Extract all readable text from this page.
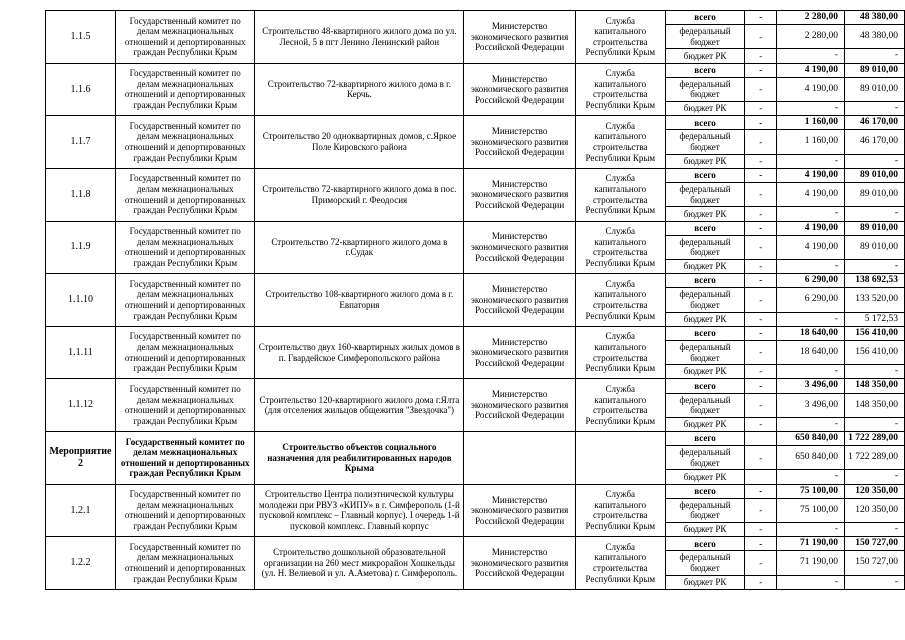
1.1.5	Государственный комитет по делам межнациональных отношений и депортированных граждан Республики Крым	Строительство 48-квартирного жилого дома по ул. Лесной, 5 в пгт Ленино Ленинский район	Министерство экономического развития Российской Федерации	Служба капитального строительства Республики Крым	всего	-	2 280,00	48 380,00
					федеральный бюджет	-	2 280,00	48 380,00
					бюджет РК	-	-	-
1.1.6	Государственный комитет по делам межнациональных отношений и депортированных граждан Республики Крым	Строительство 72-квартирного жилого дома в г. Керчь.	Министерство экономического развития Российской Федерации	Служба капитального строительства Республики Крым	всего	-	4 190,00	89 010,00
					федеральный бюджет	-	4 190,00	89 010,00
					бюджет РК	-	-	-
1.1.7	Государственный комитет по делам межнациональных отношений и депортированных граждан Республики Крым	Строительство 20 одноквартирных домов, с.Яркое Поле Кировского района	Министерство экономического развития Российской Федерации	Служба капитального строительства Республики Крым	всего	-	1 160,00	46 170,00
					федеральный бюджет	-	1 160,00	46 170,00
					бюджет РК	-	-	-
1.1.8	Государственный комитет по делам межнациональных отношений и депортированных граждан Республики Крым	Строительство 72-квартирного жилого дома в пос. Приморский г. Феодосия	Министерство экономического развития Российской Федерации	Служба капитального строительства Республики Крым	всего	-	4 190,00	89 010,00
					федеральный бюджет	-	4 190,00	89 010,00
					бюджет РК	-	-	-
1.1.9	Государственный комитет по делам межнациональных отношений и депортированных граждан Республики Крым	Строительство 72-квартирного жилого дома в г.Судак	Министерство экономического развития Российской Федерации	Служба капитального строительства Республики Крым	всего	-	4 190,00	89 010,00
					федеральный бюджет	-	4 190,00	89 010,00
					бюджет РК	-	-	-
1.1.10	Государственный комитет по делам межнациональных отношений и депортированных граждан Республики Крым	Строительство 108-квартирного жилого дома в г. Евпатория	Министерство экономического развития Российской Федерации	Служба капитального строительства Республики Крым	всего	-	6 290,00	138 692,53
					федеральный бюджет	-	6 290,00	133 520,00
					бюджет РК	-	-	5 172,53
1.1.11	Государственный комитет по делам межнациональных отношений и депортированных граждан Республики Крым	Строительство двух 160-квартирных жилых домов в п. Гвардейское Симферопольского района	Министерство экономического развития Российской Федерации	Служба капитального строительства Республики Крым	всего	-	18 640,00	156 410,00
					федеральный бюджет	-	18 640,00	156 410,00
					бюджет РК	-	-	-
1.1.12	Государственный комитет по делам межнациональных отношений и депортированных граждан Республики Крым	Строительство 120-квартирного жилого дома г.Ялта (для отселения жильцов общежития "Звездочка")	Министерство экономического развития Российской Федерации	Служба капитального строительства Республики Крым	всего	-	3 496,00	148 350,00
					федеральный бюджет	-	3 496,00	148 350,00
					бюджет РК	-	-	-
Мероприятие 2	Государственный комитет по делам межнациональных отношений и депортированных граждан Республики Крым	Строительство объектов социального назначения для реабилитированных народов Крыма			всего		650 840,00	1 722 289,00
					федеральный бюджет	-	650 840,00	1 722 289,00
					бюджет РК		-	-
1.2.1	Государственный комитет по делам межнациональных отношений и депортированных граждан Республики Крым	Строительство Центра полиэтнической культуры молодежи при РВУЗ «КИПУ» в г. Симферополь (1-й пусковой комплекс – Главный корпус). I очередь 1-й пусковой комплекс. Главный корпус	Министерство экономического развития Российской Федерации	Служба капитального строительства Республики Крым	всего	-	75 100,00	120 350,00
					федеральный бюджет	-	75 100,00	120 350,00
					бюджет РК	-	-	-
1.2.2	Государственный комитет по делам межнациональных отношений и депортированных граждан Республики Крым	Строительство дошкольной образовательной организации на 260 мест микрорайон Хошкельды (ул. Н. Велиевой и ул. А.Аметова) г. Симферополь.	Министерство экономического развития Российской Федерации	Служба капитального строительства Республики Крым	всего	-	71 190,00	150 727,00
					федеральный бюджет	-	71 190,00	150 727,00
					бюджет РК	-	-	-
